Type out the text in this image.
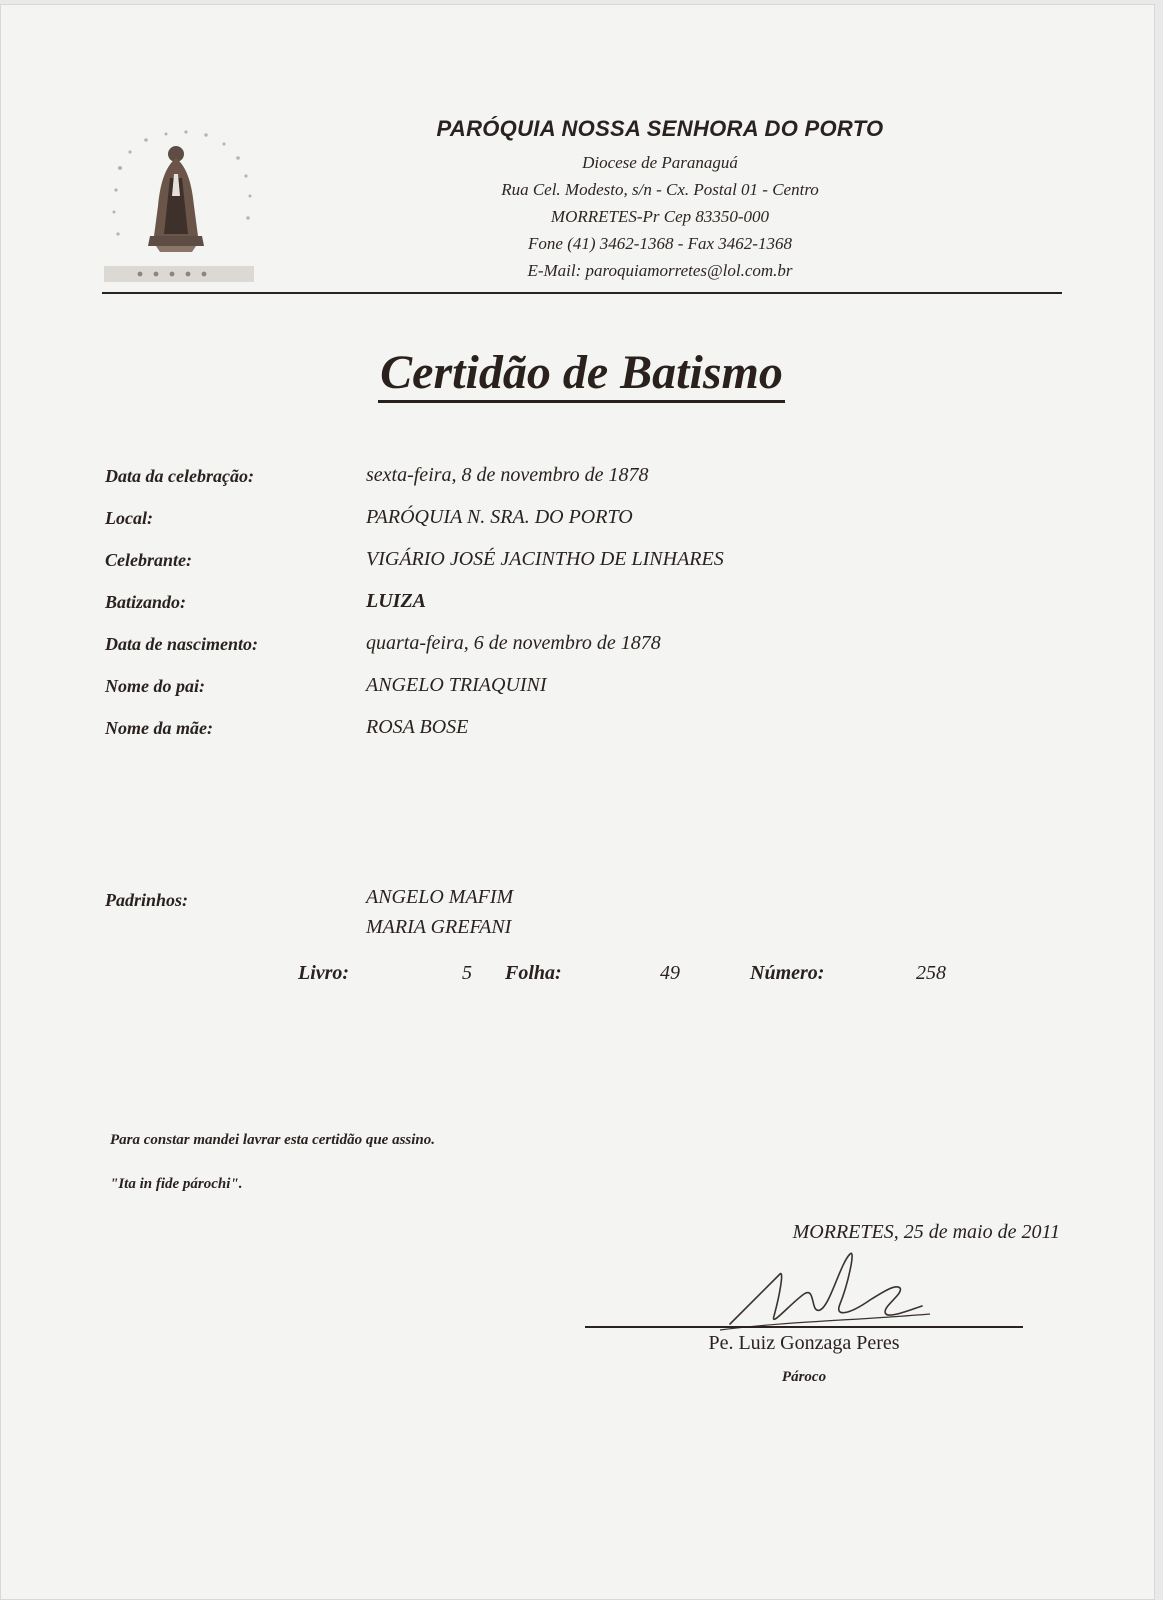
PARÓQUIA NOSSA SENHORA DO PORTO
Diocese de Paranaguá
Rua Cel. Modesto, s/n - Cx. Postal 01 - Centro
MORRETES-Pr Cep 83350-000
Fone (41) 3462-1368 - Fax 3462-1368
E-Mail: paroquiamorretes@lol.com.br
Certidão de Batismo
Data da celebração:	sexta-feira, 8 de novembro de 1878
Local:	PARÓQUIA N. SRA. DO PORTO
Celebrante:	VIGÁRIO JOSÉ JACINTHO DE LINHARES
Batizando:	LUIZA
Data de nascimento:	quarta-feira, 6 de novembro de 1878
Nome do pai:	ANGELO TRIAQUINI
Nome da mãe:	ROSA BOSE
Padrinhos:	ANGELO MAFIM
MARIA GREFANI
Livro:	5 Folha:	49	Número:	258
Para constar mandei lavrar esta certidão que assino.
"Ita in fide párochi".
MORRETES, 25 de maio de 2011
Pe. Luiz Gonzaga Peres
Pároco
